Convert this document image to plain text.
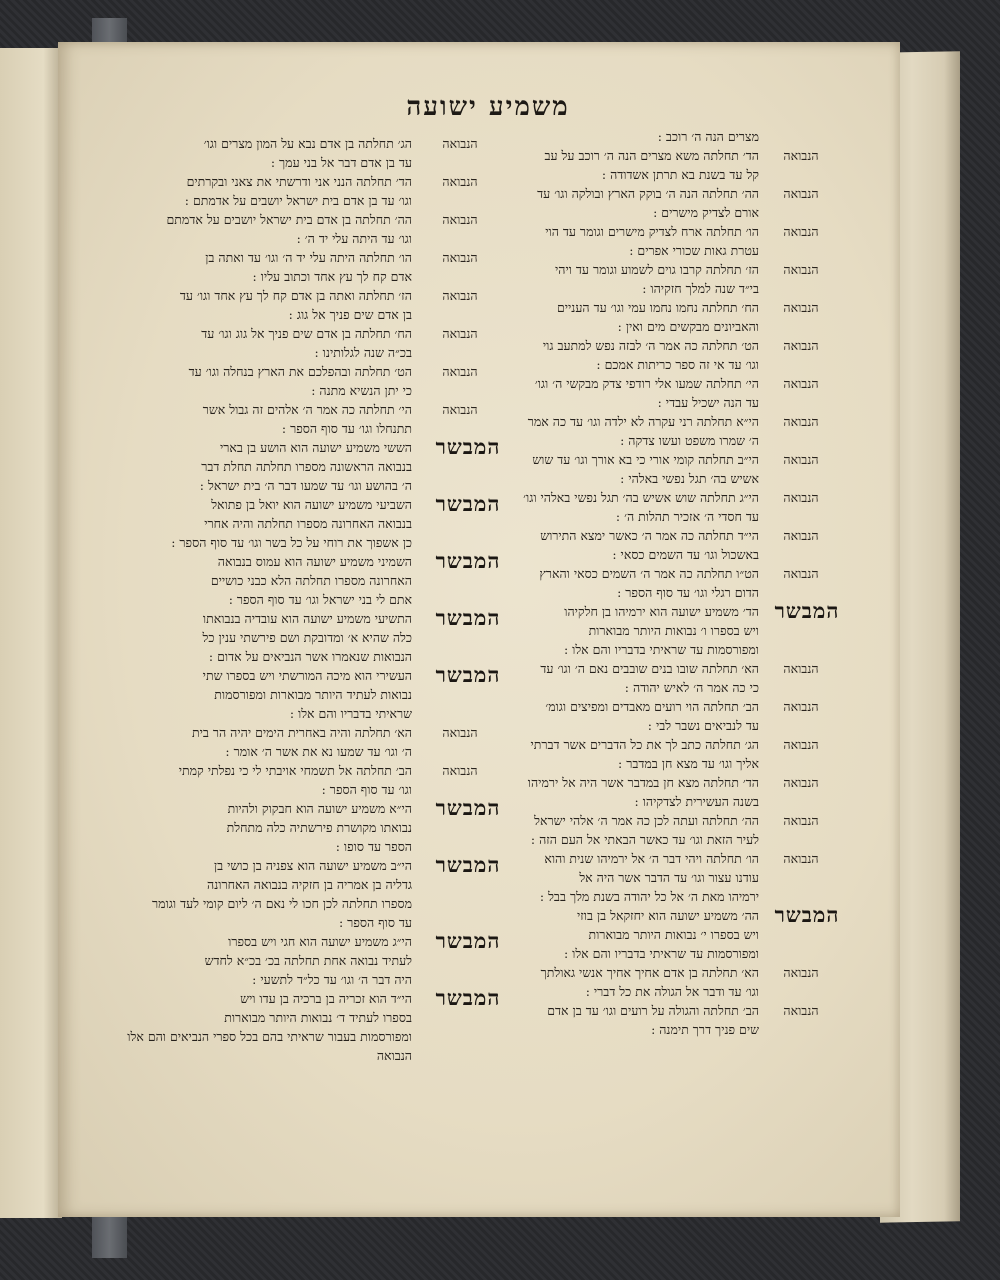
משמיע ישועה
מצרים הנה ה׳ רוכב :
הנבואה
הד׳ תחלתה משא מצרים הנה ה׳ רוכב על עב
קל עד בשנת בא תרתן אשדודה :
הנבואה
הה׳ תחלתה הנה ה׳ בוקק הארץ ובולקה וגו׳ עד
אורם לצדיק מישרים :
הנבואה
הו׳ תחלתה ארח לצדיק מישרים וגומר עד הוי
עטרת גאות שכורי אפרים :
הנבואה
הז׳ תחלתה קרבו גוים לשמוע וגומר עד ויהי
בי״ד שנה למלך חזקיהו :
הנבואה
הח׳ תחלתה נחמו נחמו עמי וגו׳ עד העניים
והאביונים מבקשים מים ואין :
הנבואה
הט׳ תחלתה כה אמר ה׳ לבזה נפש למתעב גוי
וגו׳ עד אי זה ספר כריתות אמכם :
הנבואה
הי׳ תחלתה שמעו אלי רודפי צדק מבקשי ה׳ וגו׳
עד הנה ישכיל עבדי :
הנבואה
הי״א תחלתה רני עקרה לא ילדה וגו׳ עד כה אמר
ה׳ שמרו משפט ועשו צדקה :
הנבואה
הי״ב תחלתה קומי אורי כי בא אורך וגו׳ עד שוש
אשיש בה׳ תגל נפשי באלהי :
הנבואה
הי״ג תחלתה שוש אשיש בה׳ תגל נפשי באלהי וגו׳
עד חסדי ה׳ אזכיר תהלות ה׳ :
הנבואה
הי״ד תחלתה כה אמר ה׳ כאשר ימצא התירוש
באשכול וגו׳ עד השמים כסאי :
הנבואה
הט״ו תחלתה כה אמר ה׳ השמים כסאי והארץ
הדום רגלי וגו׳ עד סוף הספר :
המבשר
הד׳ משמיע ישועה הוא ירמיהו בן חלקיהו
ויש בספרו ו׳ נבואות היותר מבוארות
ומפורסמות עד שראיתי בדבריו והם אלו :
הנבואה
הא׳ תחלתה שובו בנים שובבים נאם ה׳ וגו׳ עד
כי כה אמר ה׳ לאיש יהודה :
הנבואה
הב׳ תחלתה הוי רועים מאבדים ומפיצים וגומ׳
עד לנביאים נשבר לבי :
הנבואה
הג׳ תחלתה כתב לך את כל הדברים אשר דברתי
אליך וגו׳ עד מצא חן במדבר :
הנבואה
הד׳ תחלתה מצא חן במדבר אשר היה אל ירמיהו
בשנה העשירית לצדקיהו :
הנבואה
הה׳ תחלתה ועתה לכן כה אמר ה׳ אלהי ישראל
לעיר הזאת וגו׳ עד כאשר הבאתי אל העם הזה :
הנבואה
הו׳ תחלתה ויהי דבר ה׳ אל ירמיהו שנית והוא
עודנו עצור וגו׳ עד הדבר אשר היה אל
ירמיהו מאת ה׳ אל כל יהודה בשנת מלך בבל :
המבשר
הה׳ משמיע ישועה הוא יחזקאל בן בוזי
ויש בספרו י׳ נבואות היותר מבוארות
ומפורסמות עד שראיתי בדבריו והם אלו :
הנבואה
הא׳ תחלתה בן אדם אחיך אחיך אנשי גאולתך
וגו׳ עד ודבר אל הגולה את כל דברי :
הנבואה
הב׳ תחלתה והגולה על רועים וגו׳ עד בן אדם
שים פניך דרך תימנה :
הנבואה
הג׳ תחלתה בן אדם נבא על המון מצרים וגו׳
עד בן אדם דבר אל בני עמך :
הנבואה
הד׳ תחלתה הנני אני ודרשתי את צאני ובקרתים
וגו׳ עד בן אדם בית ישראל יושבים על אדמתם :
הנבואה
הה׳ תחלתה בן אדם בית ישראל יושבים על אדמתם
וגו׳ עד היתה עלי יד ה׳ :
הנבואה
הו׳ תחלתה היתה עלי יד ה׳ וגו׳ עד ואתה בן
אדם קח לך עץ אחד וכתוב עליו :
הנבואה
הז׳ תחלתה ואתה בן אדם קח לך עץ אחד וגו׳ עד
בן אדם שים פניך אל גוג :
הנבואה
הח׳ תחלתה בן אדם שים פניך אל גוג וגו׳ עד
בכ״ה שנה לגלותינו :
הנבואה
הט׳ תחלתה ובהפלכם את הארץ בנחלה וגו׳ עד
כי יתן הנשיא מתנה :
הנבואה
הי׳ תחלתה כה אמר ה׳ אלהים זה גבול אשר
תתנחלו וגו׳ עד סוף הספר :
המבשר
הששי משמיע ישועה הוא הושע בן בארי
בנבואה הראשונה מספרו תחלתה תחלת דבר
ה׳ בהושע וגו׳ עד שמעו דבר ה׳ בית ישראל :
המבשר
השביעי משמיע ישועה הוא יואל בן פתואל
בנבואה האחרונה מספרו תחלתה והיה אחרי
כן אשפוך את רוחי על כל בשר וגו׳ עד סוף הספר :
המבשר
השמיני משמיע ישועה הוא עמוס בנבואה
האחרונה מספרו תחלתה הלא כבני כושיים
אתם לי בני ישראל וגו׳ עד סוף הספר :
המבשר
התשיעי משמיע ישועה הוא עובדיה בנבואתו
כלה שהיא א׳ ומדובקת ושם פירשתי ענין כל
הנבואות שנאמרו אשר הנביאים על אדום :
המבשר
העשירי הוא מיכה המורשתי ויש בספרו שתי
נבואות לעתיד היותר מבוארות ומפורסמות
שראיתי בדבריו והם אלו :
הנבואה
הא׳ תחלתה והיה באחרית הימים יהיה הר בית
ה׳ וגו׳ עד שמעו נא את אשר ה׳ אומר :
הנבואה
הב׳ תחלתה אל תשמחי אויבתי לי כי נפלתי קמתי
וגו׳ עד סוף הספר :
המבשר
הי״א משמיע ישועה הוא חבקוק ולהיות
נבואתו מקושרת פירשתיה כלה מתחלת
הספר עד סופו :
המבשר
הי״ב משמיע ישועה הוא צפניה בן כושי בן
גדליה בן אמריה בן חזקיה בנבואה האחרונה
מספרו תחלתה לכן חכו לי נאם ה׳ ליום קומי לעד וגומר
עד סוף הספר :
המבשר
הי״ג משמיע ישועה הוא חגי ויש בספרו
לעתיד נבואה אחת תחלתה בכ׳ בכ״א לחדש
היה דבר ה׳ וגו׳ עד כל״ד לתשעי :
המבשר
הי״ד הוא זכריה בן ברכיה בן עדו ויש
בספרו לעתיד ד׳ נבואות היותר מבוארות
ומפורסמות בעבור שראיתי בהם בכל ספרי הנביאים והם אלו
הנבואה
